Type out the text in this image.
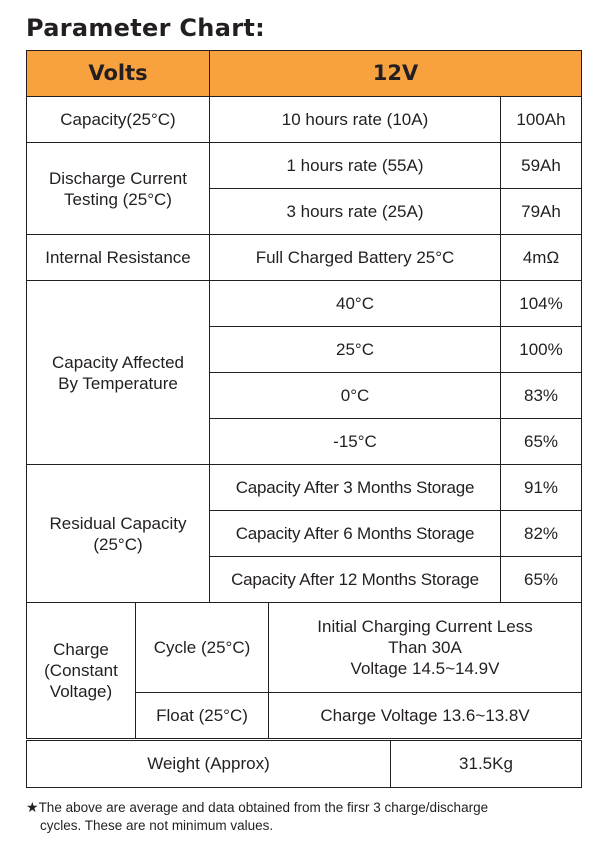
Parameter Chart:
Volts		12V		
Capacity(25°C)		10 hours rate (10A)		100Ah
Discharge Current
Testing (25°C)		1 hours rate (55A)		59Ah
		3 hours rate (25A)		79Ah
Internal Resistance		Full Charged Battery 25°C		4mΩ
Capacity Affected
By Temperature		40°C		104%
		25°C		100%
		0°C		83%
		-15°C		65%
Residual Capacity
(25°C)		Capacity After 3 Months Storage		91%
		Capacity After 6 Months Storage		82%
		Capacity After 12 Months Storage		65%
Charge
(Constant
Voltage)	Cycle (25°C)		Initial Charging Current Less
Than 30A
Voltage 14.5~14.9V	
	Float (25°C)		Charge Voltage 13.6~13.8V	
Weight (Approx)	31.5Kg
★The above are average and data obtained from the firsr 3 charge/discharge
cycles. These are not minimum values.
